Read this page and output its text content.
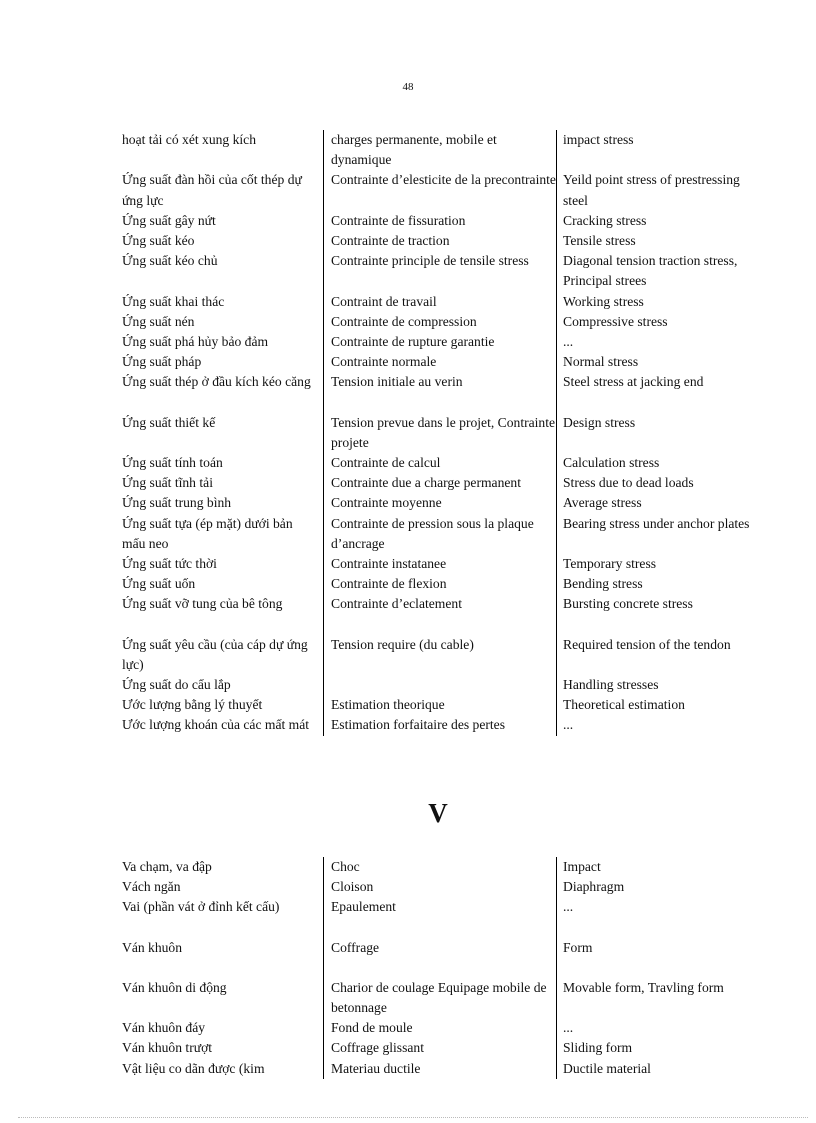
48
hoạt tải có xét xung kích	charges permanente, mobile et dynamique	impact stress
Ứng suất đàn hồi của cốt thép dự ứng lực	Contrainte d’elesticite de la precontrainte	Yeild point stress of prestressing steel
Ứng suất gây nứt	Contrainte de fissuration	Cracking stress
Ứng suất kéo	Contrainte de traction	Tensile stress
Ứng suất kéo chủ	Contrainte principle de tensile stress	Diagonal tension traction stress, Principal strees
Ứng suất khai thác	Contraint de travail	Working stress
Ứng suất nén	Contrainte de compression	Compressive stress
Ứng suất phá hủy bảo đảm	Contrainte de rupture garantie	...
Ứng suất pháp	Contrainte normale	Normal stress
Ứng suất thép ở đầu kích kéo căng	Tension initiale au verin	Steel stress at jacking end

Ứng suất thiết kế	Tension prevue dans le projet, Contrainte projete	Design stress
Ứng suất tính toán	Contrainte de calcul	Calculation stress
Ứng suất tĩnh tải	Contrainte due a charge permanent	Stress due to dead loads
Ứng suất trung bình	Contrainte moyenne	Average stress
Ứng suất tựa (ép mặt) dưới bản mấu neo	Contrainte de pression sous la plaque d’ancrage	Bearing stress under anchor plates
Ứng suất tức thời	Contrainte instatanee	Temporary stress
Ứng suất uốn	Contrainte de flexion	Bending stress
Ứng suất vỡ tung của bê tông	Contrainte d’eclatement	Bursting concrete stress

Ứng suất yêu cầu (của cáp dự ứng lực)	Tension require (du cable)	Required tension of the tendon
Ứng suất do cẩu lắp		Handling stresses
Ước lượng bằng lý thuyết	Estimation theorique	Theoretical estimation
Ước lượng khoán của các mất mát	Estimation forfaitaire des pertes	...
V
Va chạm, va đập	Choc	Impact
Vách ngăn	Cloison	Diaphragm
Vai (phần vát ở đỉnh kết cấu)	Epaulement	...

Ván khuôn	Coffrage	Form

Ván khuôn di động	Charior de coulage Equipage mobile de betonnage	Movable form, Travling form
Ván khuôn đáy	Fond de moule	...
Ván khuôn trượt	Coffrage glissant	Sliding form
Vật liệu co dãn được (kim	Materiau ductile	Ductile material
